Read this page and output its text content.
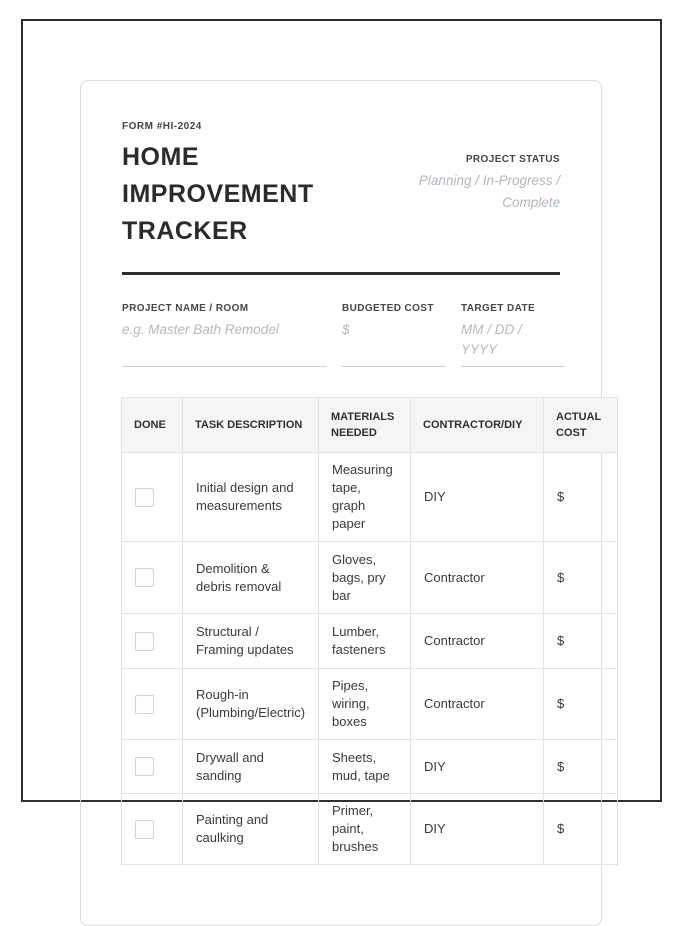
FORM #HI-2024
HOME IMPROVEMENT TRACKER
PROJECT STATUS
Planning / In-Progress / Complete
PROJECT NAME / ROOM
e.g. Master Bath Remodel
BUDGETED COST
$
TARGET DATE
MM / DD / YYYY
DONE	TASK DESCRIPTION	MATERIALS NEEDED	CONTRACTOR/DIY	ACTUAL COST

	Initial design and measurements	Measuring tape, graph paper	DIY	$

	Demolition & debris removal	Gloves, bags, pry bar	Contractor	$

	Structural / Framing updates	Lumber, fasteners	Contractor	$

	Rough-in (Plumbing/Electric)	Pipes, wiring, boxes	Contractor	$

	Drywall and sanding	Sheets, mud, tape	DIY	$

	Painting and caulking	Primer, paint, brushes	DIY	$
